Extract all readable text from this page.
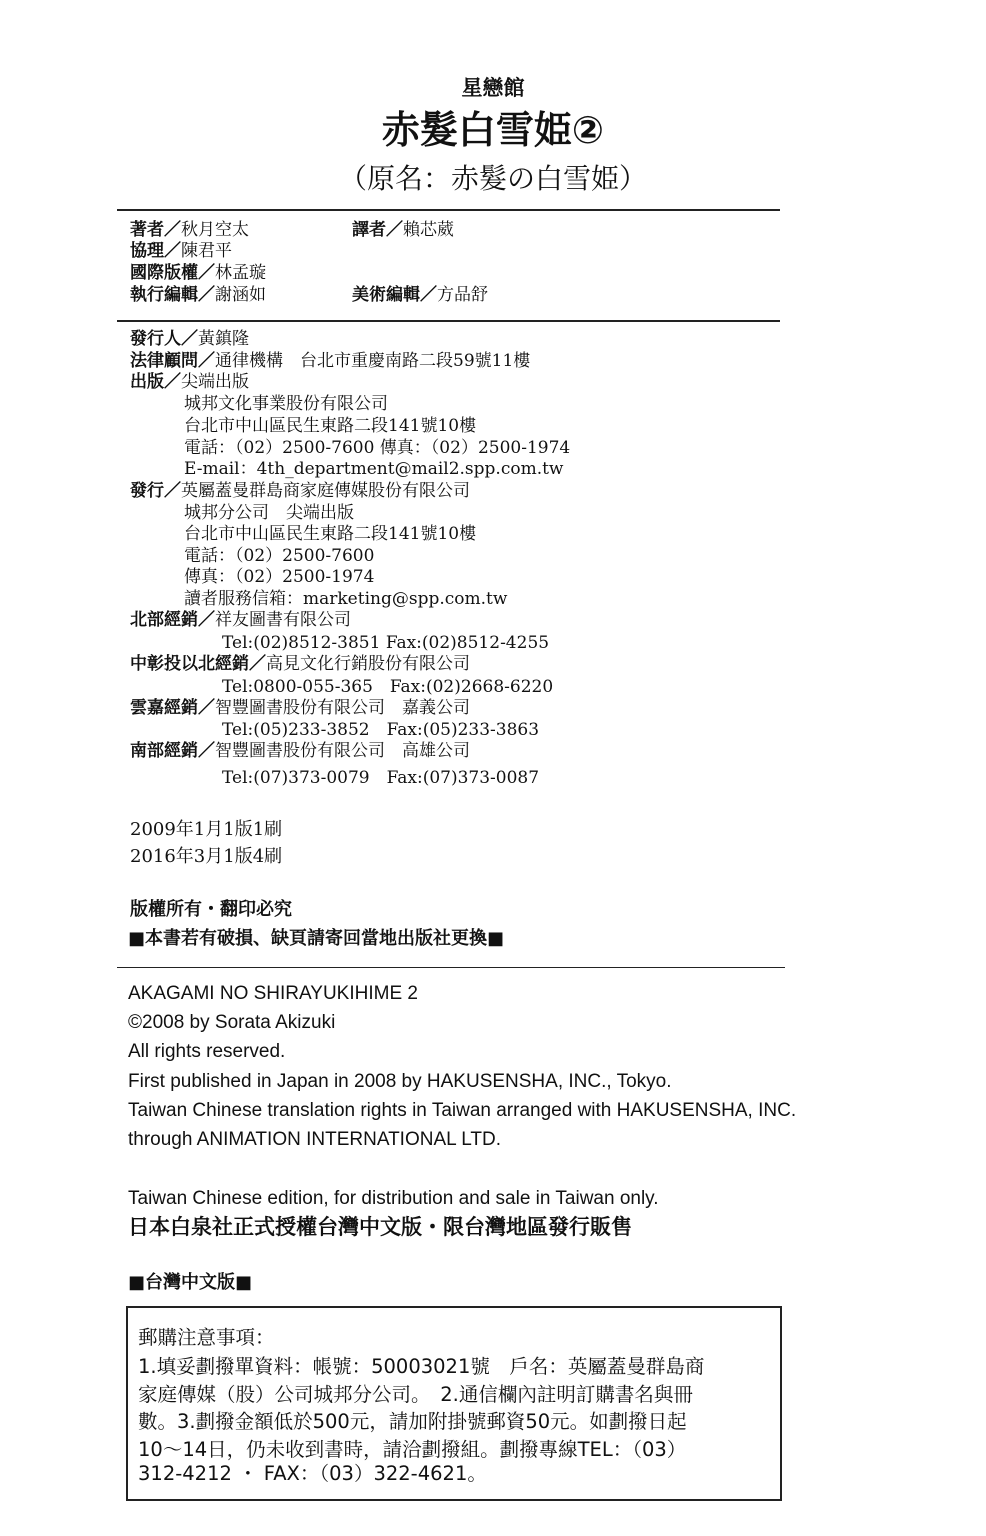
星戀館
赤髮白雪姫②
（原名：赤髮の白雪姫）
著者／秋月空太	譯者／賴芯葳
協理／陳君平
國際版權／林孟璇
執行編輯／謝涵如	美術編輯／方品舒
發行人／黃鎮隆
法律顧問／通律機構　台北市重慶南路二段59號11樓
出版／尖端出版
城邦文化事業股份有限公司
台北市中山區民生東路二段141號10樓
電話：（02）2500-7600 傳真：（02）2500-1974
E-mail：4th_department@mail2.spp.com.tw
發行／英屬蓋曼群島商家庭傳媒股份有限公司
城邦分公司　尖端出版
台北市中山區民生東路二段141號10樓
電話：（02）2500-7600
傳真：（02）2500-1974
讀者服務信箱：marketing@spp.com.tw
北部經銷／祥友圖書有限公司
Tel:(02)8512-3851 Fax:(02)8512-4255
中彰投以北經銷／高見文化行銷股份有限公司
Tel:0800-055-365　Fax:(02)2668-6220
雲嘉經銷／智豐圖書股份有限公司　嘉義公司
Tel:(05)233-3852　Fax:(05)233-3863
南部經銷／智豐圖書股份有限公司　高雄公司
Tel:(07)373-0079　Fax:(07)373-0087
2009年1月1版1刷
2016年3月1版4刷
版權所有・翻印必究
■本書若有破損、缺頁請寄回當地出版社更換■
AKAGAMI NO SHIRAYUKIHIME 2
©2008 by Sorata Akizuki
All rights reserved.
First published in Japan in 2008 by HAKUSENSHA, INC., Tokyo.
Taiwan Chinese translation rights in Taiwan arranged with HAKUSENSHA, INC.
through ANIMATION INTERNATIONAL LTD.
Taiwan Chinese edition, for distribution and sale in Taiwan only.
日本白泉社正式授權台灣中文版・限台灣地區發行販售
■台灣中文版■
郵購注意事項：
1.填妥劃撥單資料：帳號：50003021號　戶名：英屬蓋曼群島商
家庭傳媒（股）公司城邦分公司。　2.通信欄內註明訂購書名與冊
數。3.劃撥金額低於500元，請加附掛號郵資50元。如劃撥日起
10～14日，仍未收到書時，請洽劃撥組。劃撥專線TEL：（03）
312-4212 ・ FAX：（03）322-4621。
